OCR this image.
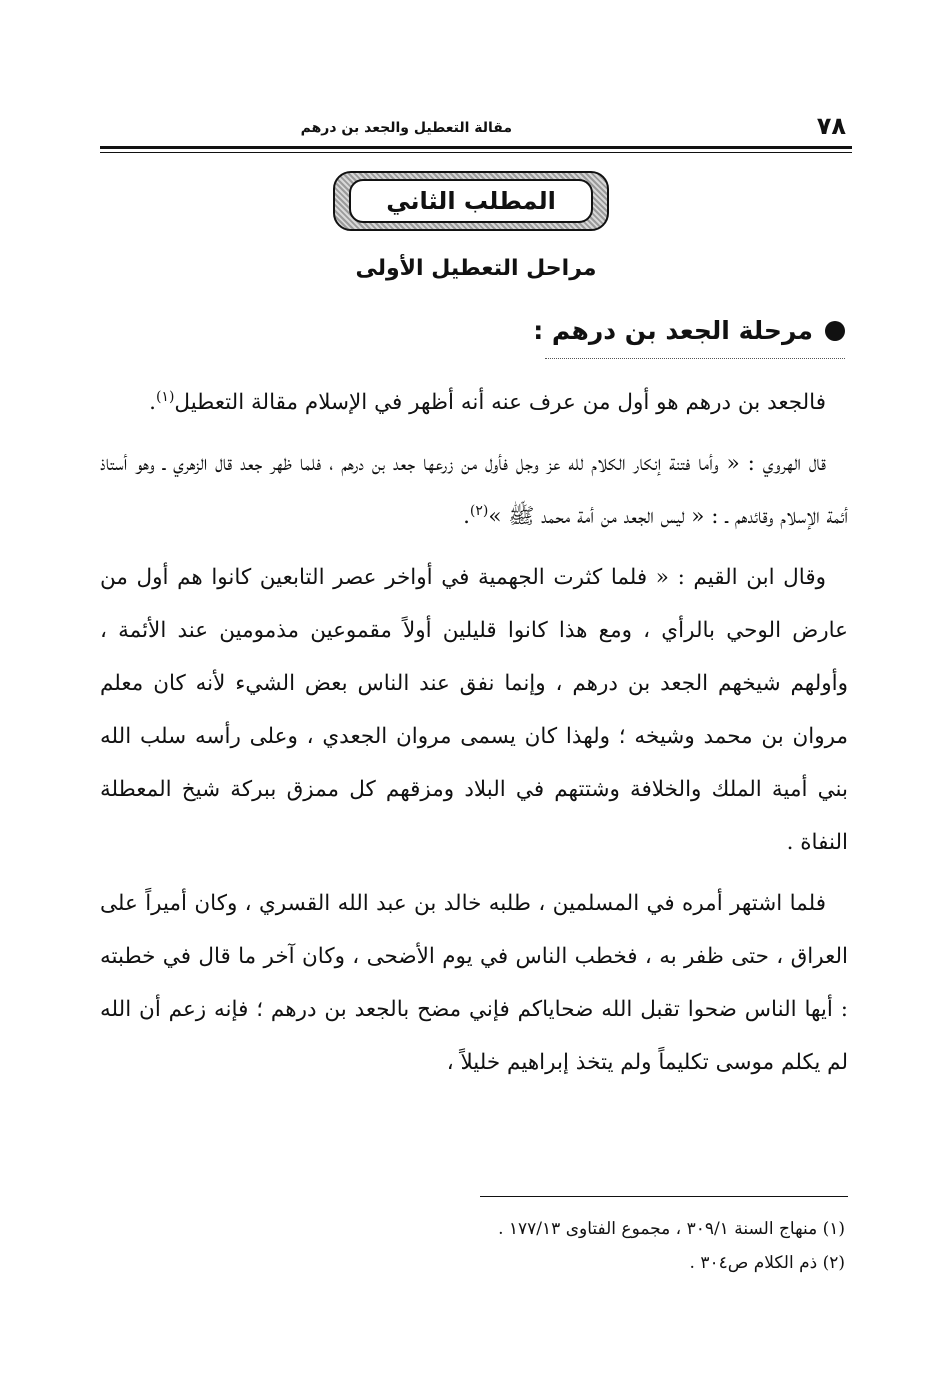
٧٨
مقالة التعطيل والجعد بن درهم
المطلب الثاني
مراحل التعطيل الأولى
مرحلة الجعد بن درهم :

فالجعد بن درهم هو أول من عرف عنه أنه أظهر في الإسلام مقالة التعطيل$^{(١)}$.

قال الهروي : « وأما فتنة إنكار الكلام لله عز وجل فأول من زرعها جعد بن درهم ، فلما ظهر جعد قال الزهري ـ وهو أستاذ أئمة الإسلام وقائدهم ـ : « ليس الجعد من أمة محمد ﷺ »$^{(٢)}$.

وقال ابن القيم : « فلما كثرت الجهمية في أواخر عصر التابعين كانوا هم أول من عارض الوحي بالرأي ، ومع هذا كانوا قليلين أولاً مقموعين مذمومين عند الأئمة ، وأولهم شيخهم الجعد بن درهم ، وإنما نفق عند الناس بعض الشيء لأنه كان معلم مروان بن محمد وشيخه ؛ ولهذا كان يسمى مروان الجعدي ، وعلى رأسه سلب الله بني أمية الملك والخلافة وشتتهم في البلاد ومزقهم كل ممزق ببركة شيخ المعطلة النفاة .

فلما اشتهر أمره في المسلمين ، طلبه خالد بن عبد الله القسري ، وكان أميراً على العراق ، حتى ظفر به ، فخطب الناس في يوم الأضحى ، وكان آخر ما قال في خطبته : أيها الناس ضحوا تقبل الله ضحاياكم فإني مضح بالجعد بن درهم ؛ فإنه زعم أن الله لم يكلم موسى تكليماً ولم يتخذ إبراهيم خليلاً ،

(١) منهاج السنة ٣٠٩/١ ، مجموع الفتاوى ١٧٧/١٣ .
(٢) ذم الكلام ص٣٠٤ .
